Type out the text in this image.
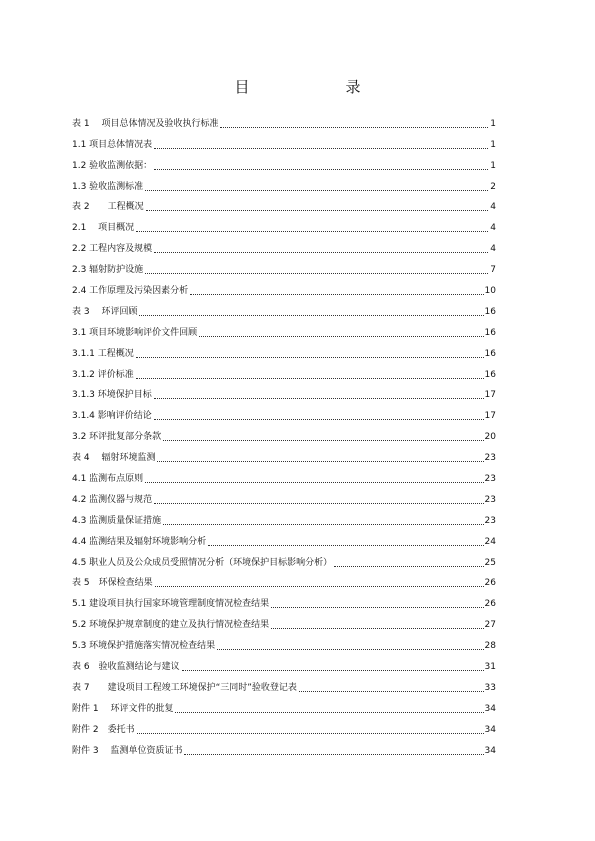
目　　录
表 1　 项目总体情况及验收执行标准	1
1.1 项目总体情况表	1
1.2 验收监测依据：	1
1.3 验收监测标准	2
表 2　　工程概况	4
2.1　 项目概况	4
2.2 工程内容及规模	4
2.3 辐射防护设施	7
2.4 工作原理及污染因素分析	10
表 3　 环评回顾	16
3.1 项目环境影响评价文件回顾	16
3.1.1 工程概况	16
3.1.2 评价标准	16
3.1.3 环境保护目标	17
3.1.4 影响评价结论	17
3.2 环评批复部分条款	20
表 4　 辐射环境监测	23
4.1 监测布点原则	23
4.2 监测仪器与规范	23
4.3 监测质量保证措施	23
4.4 监测结果及辐射环境影响分析	24
4.5 职业人员及公众成员受照情况分析（环境保护目标影响分析）	25
表 5　环保检查结果	26
5.1 建设项目执行国家环境管理制度情况检查结果	26
5.2 环境保护规章制度的建立及执行情况检查结果	27
5.3 环境保护措施落实情况检查结果	28
表 6　验收监测结论与建议	31
表 7　　建设项目工程竣工环境保护“三同时”验收登记表	33
附件 1　 环评文件的批复	34
附件 2　委托书	34
附件 3　 监测单位资质证书	34
